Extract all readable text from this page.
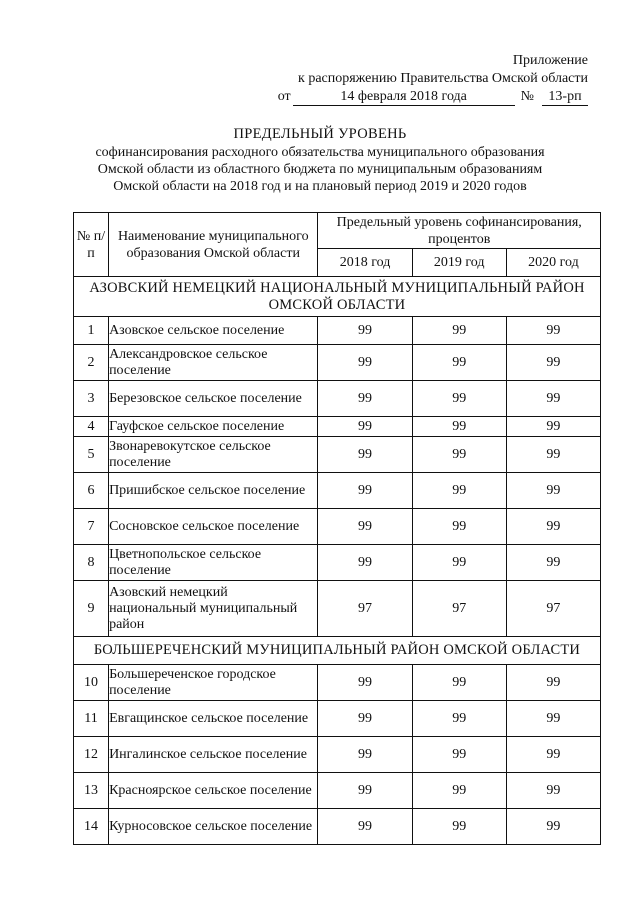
Приложение
к распоряжению Правительства Омской области
от	14 февраля 2018 года	№	13-рп
ПРЕДЕЛЬНЫЙ УРОВЕНЬ
софинансирования расходного обязательства муниципального образования
Омской области из областного бюджета по муниципальным образованиям
Омской области на 2018 год и на плановый период 2019 и 2020 годов
№ п/п	Наименование муниципального образования Омской области	Предельный уровень софинансирования, процентов		
		2018 год	2019 год	2020 год
АЗОВСКИЙ НЕМЕЦКИЙ НАЦИОНАЛЬНЫЙ МУНИЦИПАЛЬНЫЙ РАЙОН ОМСКОЙ ОБЛАСТИ				
1	Азовское сельское поселение	99	99	99
2	Александровское сельское поселение	99	99	99
3	Березовское сельское поселение	99	99	99
4	Гауфское сельское поселение	99	99	99
5	Звонаревокутское сельское поселение	99	99	99
6	Пришибское сельское поселение	99	99	99
7	Сосновское сельское поселение	99	99	99
8	Цветнопольское сельское поселение	99	99	99
9	Азовский немецкий национальный муниципальный район	97	97	97
БОЛЬШЕРЕЧЕНСКИЙ МУНИЦИПАЛЬНЫЙ РАЙОН ОМСКОЙ ОБЛАСТИ				
10	Большереченское городское поселение	99	99	99
11	Евгащинское сельское поселение	99	99	99
12	Ингалинское сельское поселение	99	99	99
13	Красноярское сельское поселение	99	99	99
14	Курносовское сельское поселение	99	99	99
